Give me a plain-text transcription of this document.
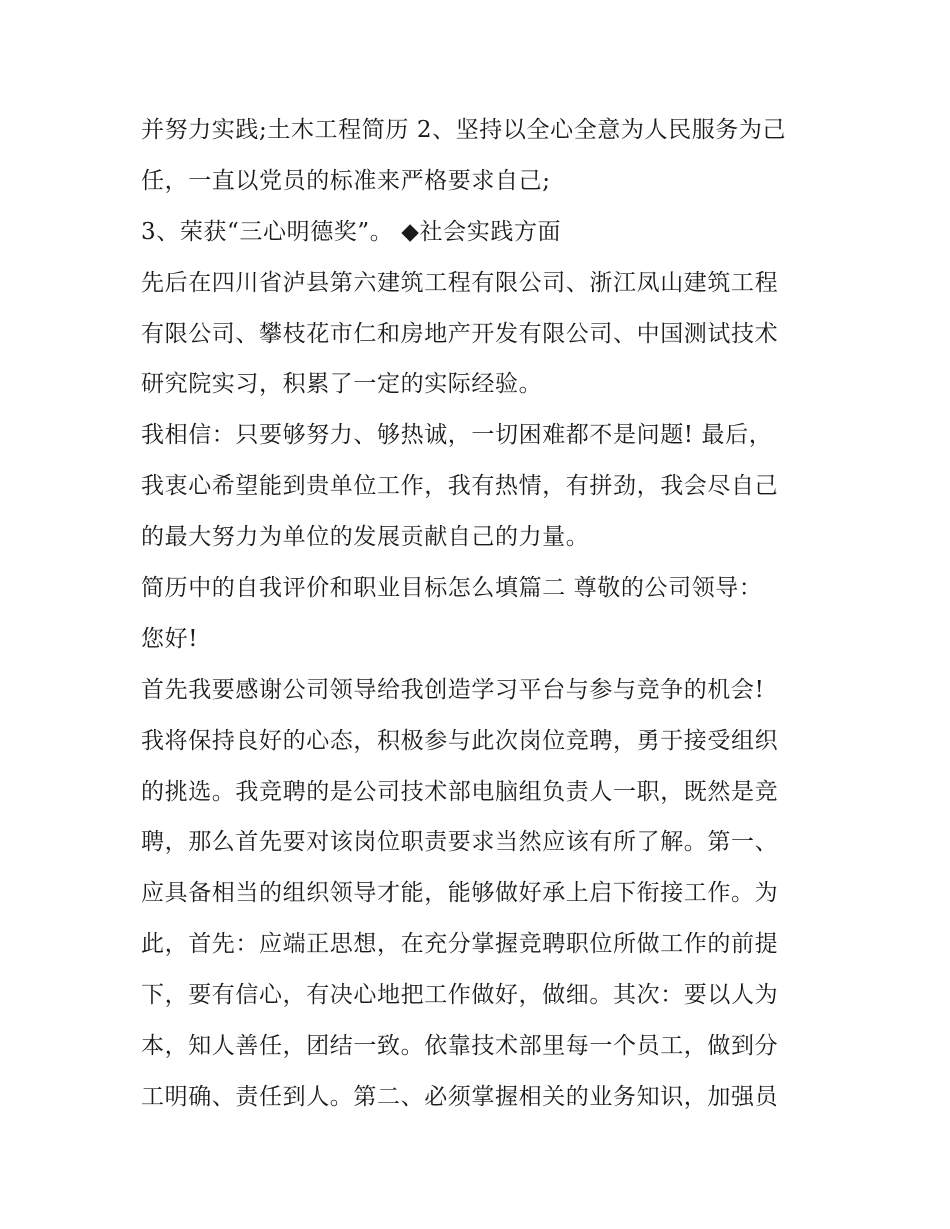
并努力实践;土木工程简历 2、坚持以全心全意为人民服务为己
任，一直以党员的标准来严格要求自己;
3、荣获“三心明德奖”。 ◆社会实践方面
先后在四川省泸县第六建筑工程有限公司、浙江凤山建筑工程
有限公司、攀枝花市仁和房地产开发有限公司、中国测试技术
研究院实习，积累了一定的实际经验。
我相信：只要够努力、够热诚，一切困难都不是问题! 最后，
我衷心希望能到贵单位工作，我有热情，有拼劲，我会尽自己
的最大努力为单位的发展贡献自己的力量。
简历中的自我评价和职业目标怎么填篇二 尊敬的公司领导：
您好!
首先我要感谢公司领导给我创造学习平台与参与竞争的机会!
我将保持良好的心态，积极参与此次岗位竞聘，勇于接受组织
的挑选。我竞聘的是公司技术部电脑组负责人一职，既然是竞
聘，那么首先要对该岗位职责要求当然应该有所了解。第一、
应具备相当的组织领导才能，能够做好承上启下衔接工作。为
此，首先：应端正思想，在充分掌握竞聘职位所做工作的前提
下，要有信心，有决心地把工作做好，做细。其次：要以人为
本，知人善任，团结一致。依靠技术部里每一个员工，做到分
工明确、责任到人。第二、必须掌握相关的业务知识，加强员
